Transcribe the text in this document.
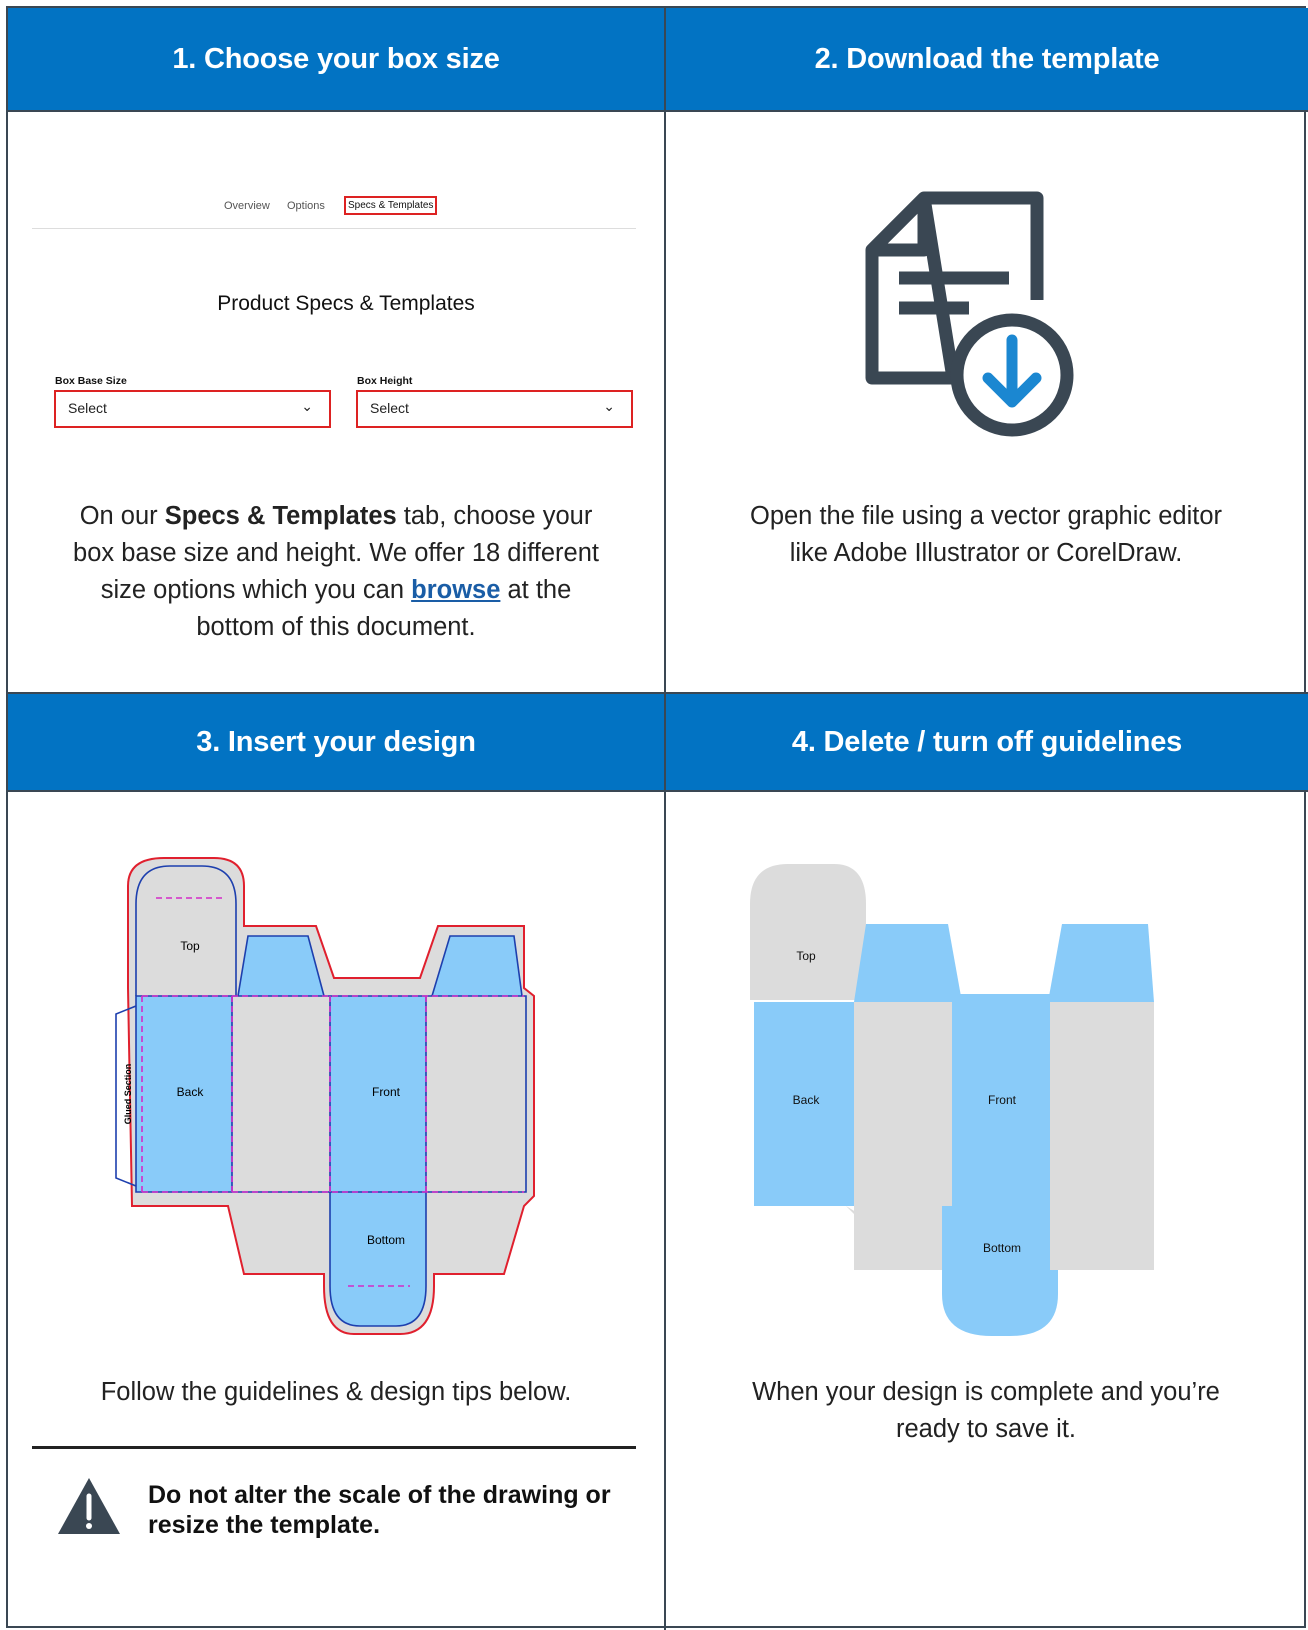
1. Choose your box size	2. Download the template
3. Insert your design	4. Delete / turn off guidelines
Overview Options	Specs & Templates
Product Specs & Templates
Box Base Size	Box Height
Select	⌄	Select	⌄
On our Specs & Templates tab, choose your box base size and height. We offer 18 different size options which you can browse at the bottom of this document.
Open the file using a vector graphic editor like Adobe Illustrator or CorelDraw.
Top
Back	Front
Bottom
Glued Section
Follow the guidelines & design tips below.
Do not alter the scale of the drawing or resize the template.
Top
Back	Front
Bottom
When your design is complete and you’re ready to save it.
